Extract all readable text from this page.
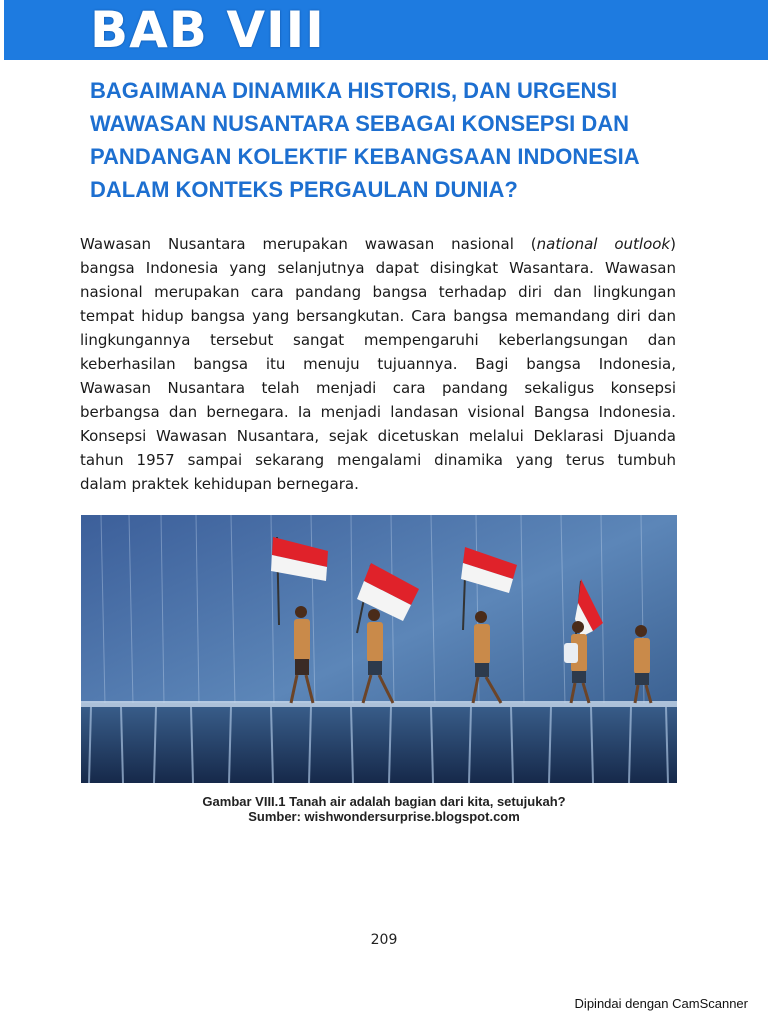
BAB VIII
BAGAIMANA DINAMIKA HISTORIS, DAN URGENSI
WAWASAN NUSANTARA SEBAGAI KONSEPSI DAN
PANDANGAN KOLEKTIF KEBANGSAAN INDONESIA
DALAM KONTEKS PERGAULAN DUNIA?

Wawasan Nusantara merupakan wawasan nasional (national outlook)
bangsa Indonesia yang selanjutnya dapat disingkat Wasantara. Wawasan
nasional merupakan cara pandang bangsa terhadap diri dan lingkungan
tempat hidup bangsa yang bersangkutan. Cara bangsa memandang diri dan
lingkungannya tersebut sangat mempengaruhi keberlangsungan dan
keberhasilan bangsa itu menuju tujuannya. Bagi bangsa Indonesia,
Wawasan Nusantara telah menjadi cara pandang sekaligus konsepsi
berbangsa dan bernegara. Ia menjadi landasan visional Bangsa Indonesia.
Konsepsi Wawasan Nusantara, sejak dicetuskan melalui Deklarasi Djuanda
tahun 1957 sampai sekarang mengalami dinamika yang terus tumbuh
dalam praktek kehidupan bernegara.

Gambar VIII.1 Tanah air adalah bagian dari kita, setujukah?
Sumber: wishwondersurprise.blogspot.com
209
Dipindai dengan CamScanner
